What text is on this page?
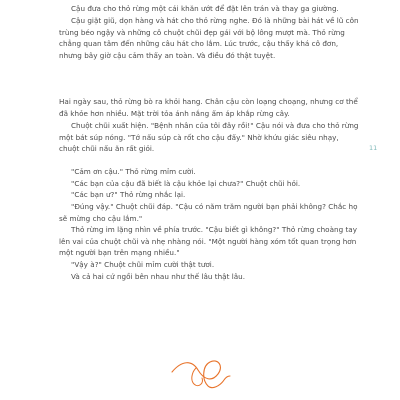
Cậu đưa cho thỏ rừng một cái khăn ướt để đặt lên trán và thay ga giường.

Cậu giặt giũ, dọn hàng và hát cho thỏ rừng nghe. Đó là những bài hát về lũ côn trùng béo ngậy và những cô chuột chũi đẹp gái với bộ lông mượt mà. Thỏ rừng chẳng quan tâm đến những câu hát cho lắm. Lúc trước, cậu thấy khá cô đơn, nhưng bây giờ cậu cảm thấy an toàn. Và điều đó thật tuyệt.

Hai ngày sau, thỏ rừng bò ra khỏi hang. Chân cậu còn loạng choạng, nhưng cơ thể đã khỏe hơn nhiều. Mặt trời tỏa ánh nắng ấm áp khắp rừng cây.

Chuột chũi xuất hiện. "Bệnh nhân của tôi đây rồi!" Cậu nói và đưa cho thỏ rừng một bát súp nóng. "Tớ nấu súp cà rốt cho cậu đấy." Nhờ khứu giác siêu nhạy, chuột chũi nấu ăn rất giỏi.

"Cảm ơn cậu." Thỏ rừng mỉm cười.

"Các bạn của cậu đã biết là cậu khỏe lại chưa?" Chuột chũi hỏi.

"Các bạn ư?" Thỏ rừng nhắc lại.

"Đúng vậy." Chuột chũi đáp. "Cậu có năm trăm người bạn phải không? Chắc họ sẽ mừng cho cậu lắm."

Thỏ rừng im lặng nhìn về phía trước. "Cậu biết gì không?" Thỏ rừng choàng tay lên vai của chuột chũi và nhẹ nhàng nói. "Một người hàng xóm tốt quan trọng hơn một người bạn trên mạng nhiều."

"Vậy à?" Chuột chũi mỉm cười thật tươi.

Và cả hai cứ ngồi bên nhau như thế lâu thật lâu.

11
